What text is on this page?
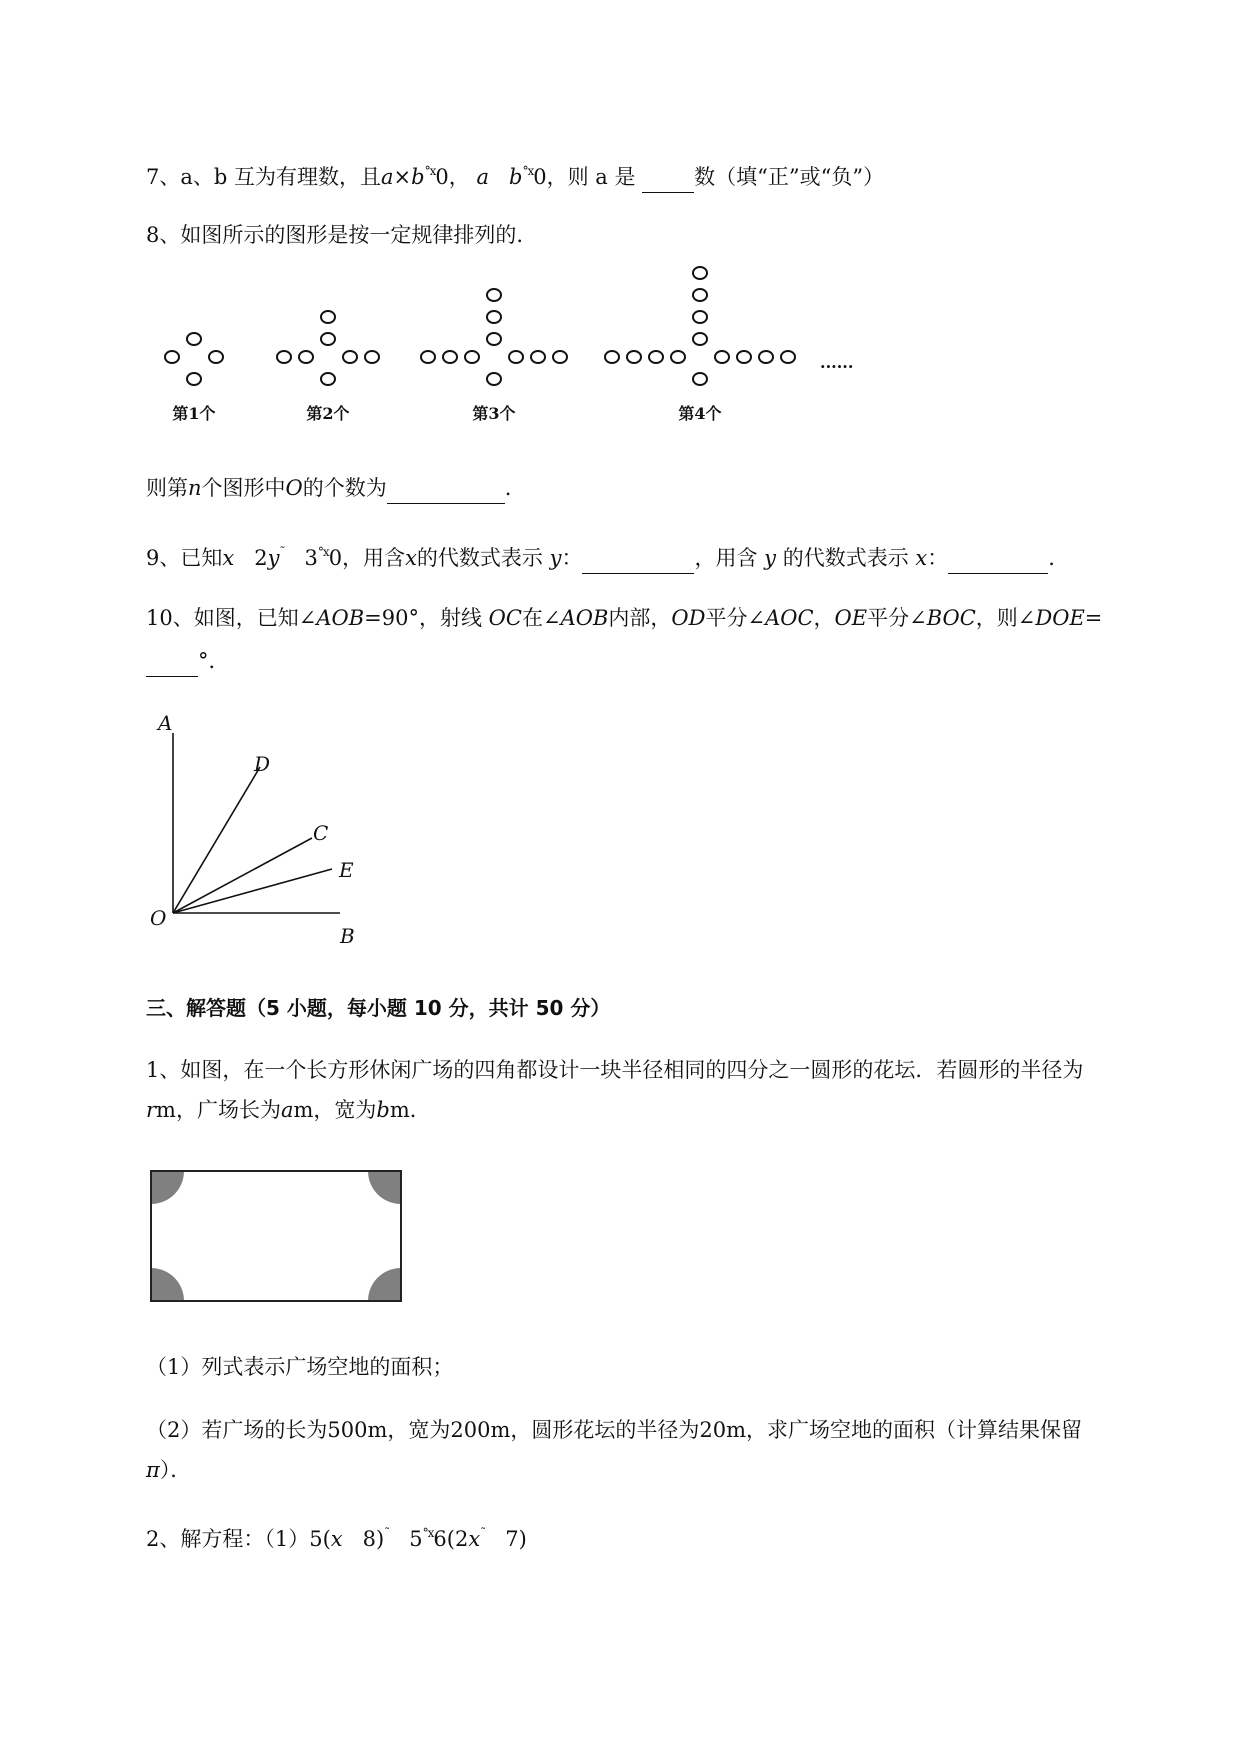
7、a、b 互为有理数，且$a\times b^{^\circ x}0$， a $b^{^\circ x}0$，则 a 是	数（填“正”或“负”）
8、如图所示的图形是按一定规律排列的.
第1个	第2个	第3个	第4个
······
则第n个图形中O的个数为	.
9、已知x 2y˜ $3^{^\circ x}0$，用含x的代数式表示 y：	，用含 y 的代数式表示 x：	.
10、如图，已知∠AOB=90°，射线 OC在∠AOB内部，OD平分∠AOC，OE平分∠BOC，则∠DOE=
°．
A
D
C
E
O
B
三、解答题（5 小题，每小题 10 分，共计 50 分）
1、如图，在一个长方形休闲广场的四角都设计一块半径相同的四分之一圆形的花坛．若圆形的半径为
rm，广场长为am，宽为bm．
（1）列式表示广场空地的面积；
（2）若广场的长为500m，宽为200m，圆形花坛的半径为20m，求广场空地的面积（计算结果保留
π）．
2、解方程：（1）5(x 8)˜ $5^{^\circ x}6(2x^˜$ 7)
